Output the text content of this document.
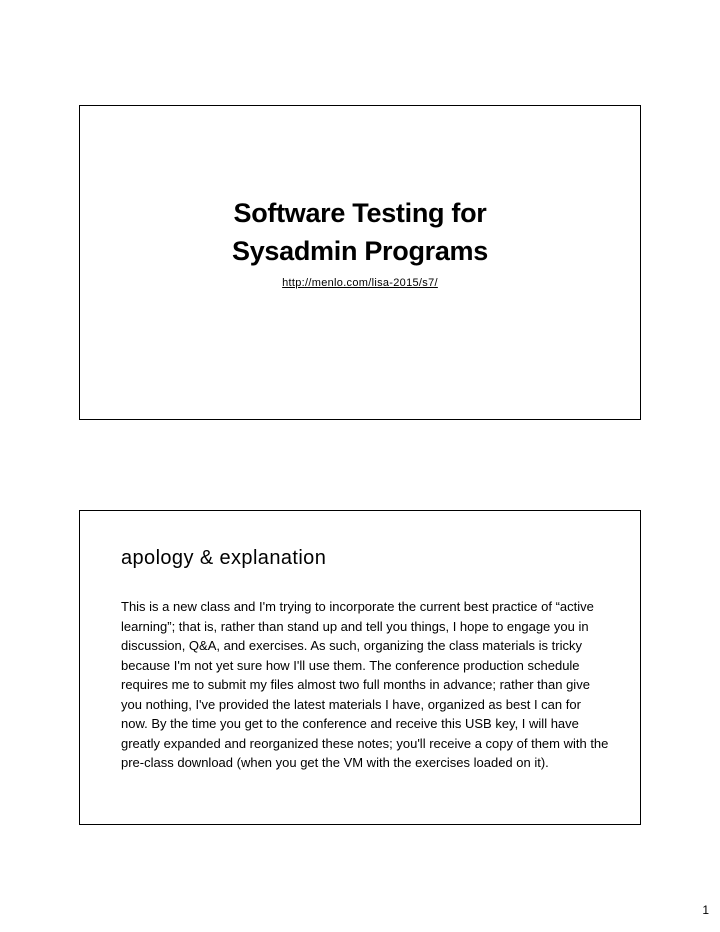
Software Testing for
Sysadmin Programs
http://menlo.com/lisa-2015/s7/
apology & explanation

This is a new class and I'm trying to incorporate the current best practice of “active learning”; that is, rather than stand up and tell you things, I hope to engage you in discussion, Q&A, and exercises. As such, organizing the class materials is tricky because I'm not yet sure how I'll use them. The conference production schedule requires me to submit my files almost two full months in advance; rather than give you nothing, I've provided the latest materials I have, organized as best I can for now. By the time you get to the conference and receive this USB key, I will have greatly expanded and reorganized these notes; you'll receive a copy of them with the pre-class download (when you get the VM with the exercises loaded on it).

1
